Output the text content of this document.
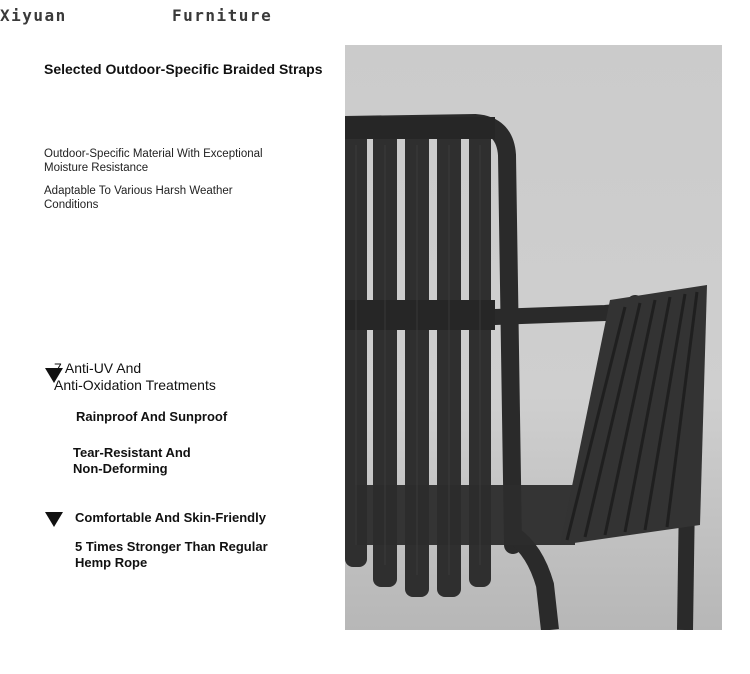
Xiyuan	Furniture
Selected Outdoor-Specific Braided Straps
Outdoor-Specific Material With Exceptional
Moisture Resistance
Adaptable To Various Harsh Weather
Conditions
7 Anti-UV And
Anti-Oxidation Treatments
Rainproof And Sunproof
Tear-Resistant And
Non-Deforming
Comfortable And Skin-Friendly
5 Times Stronger Than Regular
Hemp Rope
